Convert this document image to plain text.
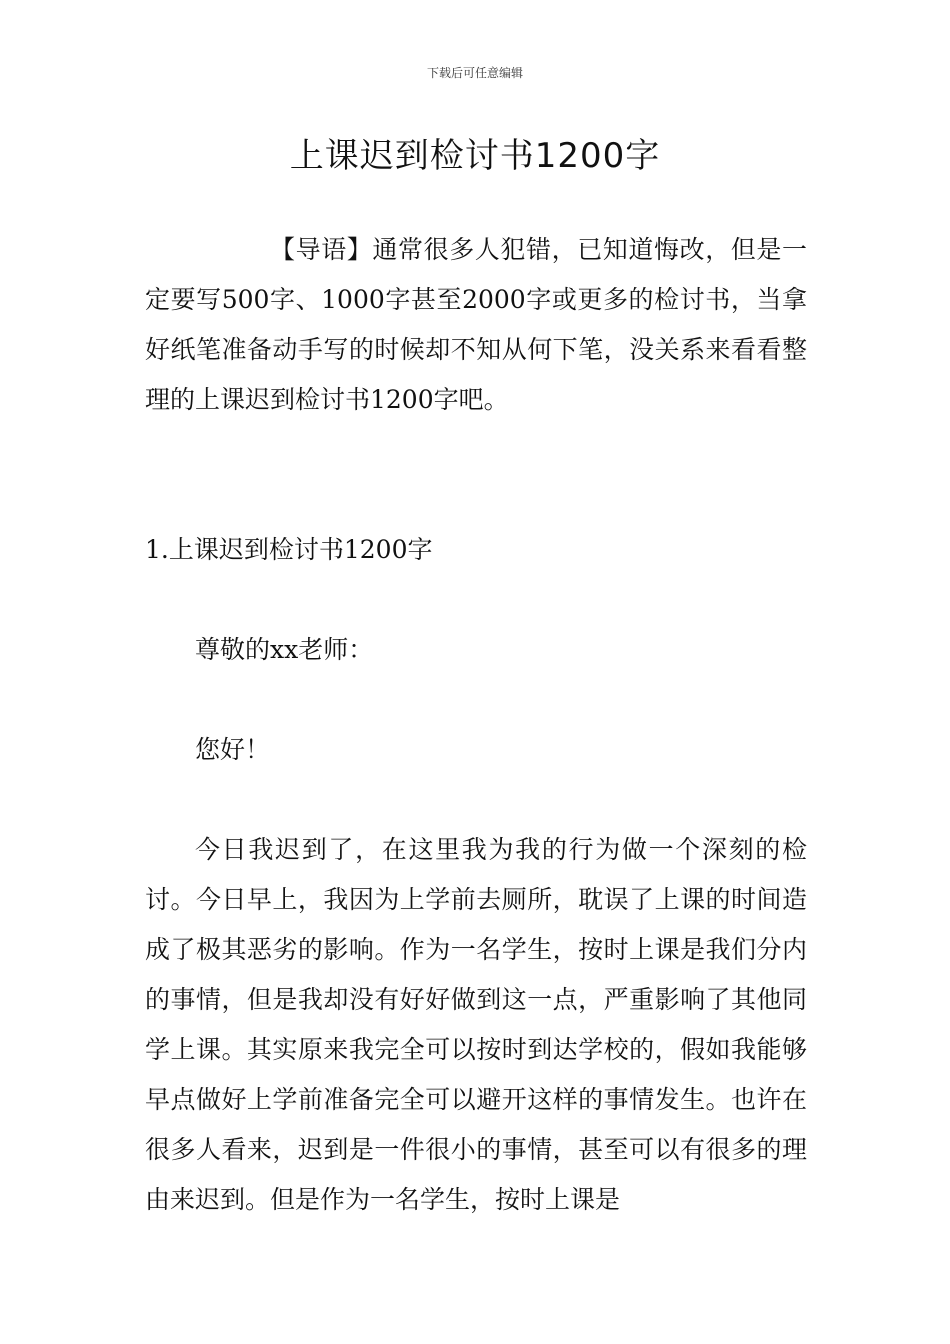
下载后可任意编辑
上课迟到检讨书1200字

【导语】通常很多人犯错，已知道悔改，但是一定要写500字、1000字甚至2000字或更多的检讨书，当拿好纸笔准备动手写的时候却不知从何下笔，没关系来看看整理的上课迟到检讨书1200字吧。

1.上课迟到检讨书1200字

尊敬的xx老师：

您好！

今日我迟到了，在这里我为我的行为做一个深刻的检讨。今日早上，我因为上学前去厕所，耽误了上课的时间造成了极其恶劣的影响。作为一名学生，按时上课是我们分内的事情，但是我却没有好好做到这一点，严重影响了其他同学上课。其实原来我完全可以按时到达学校的，假如我能够早点做好上学前准备完全可以避开这样的事情发生。也许在很多人看来，迟到是一件很小的事情，甚至可以有很多的理由来迟到。但是作为一名学生，按时上课是
